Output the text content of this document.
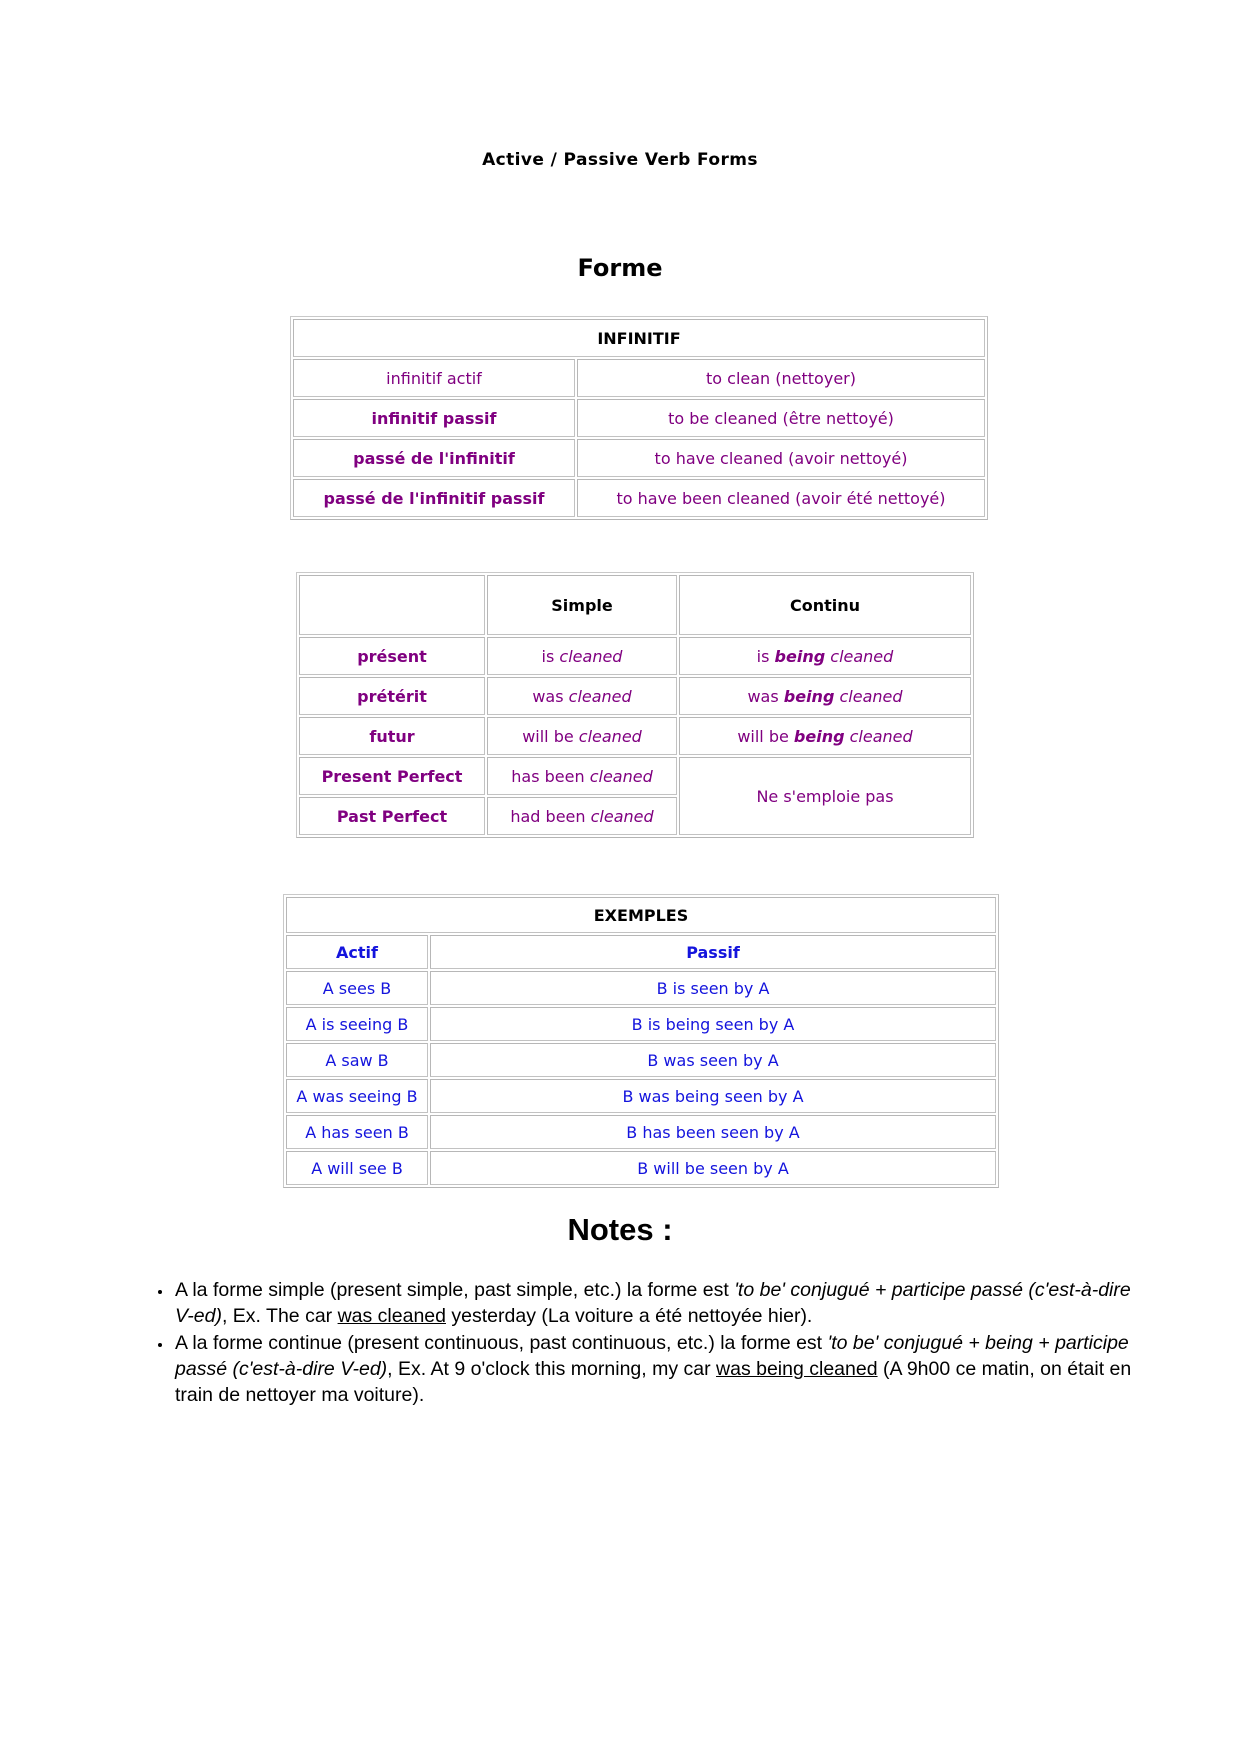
Active / Passive Verb Forms
Forme
INFINITIF	
infinitif actif	to clean (nettoyer)
infinitif passif	to be cleaned (être nettoyé)
passé de l'infinitif	to have cleaned (avoir nettoyé)
passé de l'infinitif passif	to have been cleaned (avoir été nettoyé)
	Simple	Continu
présent	is cleaned	is being cleaned
prétérit	was cleaned	was being cleaned
futur	will be cleaned	will be being cleaned
Present Perfect	has been cleaned	Ne s'emploie pas
Past Perfect	had been cleaned	
EXEMPLES	
Actif	Passif
A sees B	B is seen by A
A is seeing B	B is being seen by A
A saw B	B was seen by A
A was seeing B	B was being seen by A
A has seen B	B has been seen by A
A will see B	B will be seen by A
Notes :
• A la forme simple (present simple, past simple, etc.) la forme est 'to be' conjugué + participe passé (c'est-à-dire V-ed), Ex. The car was cleaned yesterday (La voiture a été nettoyée hier).
• A la forme continue (present continuous, past continuous, etc.) la forme est 'to be' conjugué + being + participe passé (c'est-à-dire V-ed), Ex. At 9 o'clock this morning, my car was being cleaned (A 9h00 ce matin, on était en train de nettoyer ma voiture).
